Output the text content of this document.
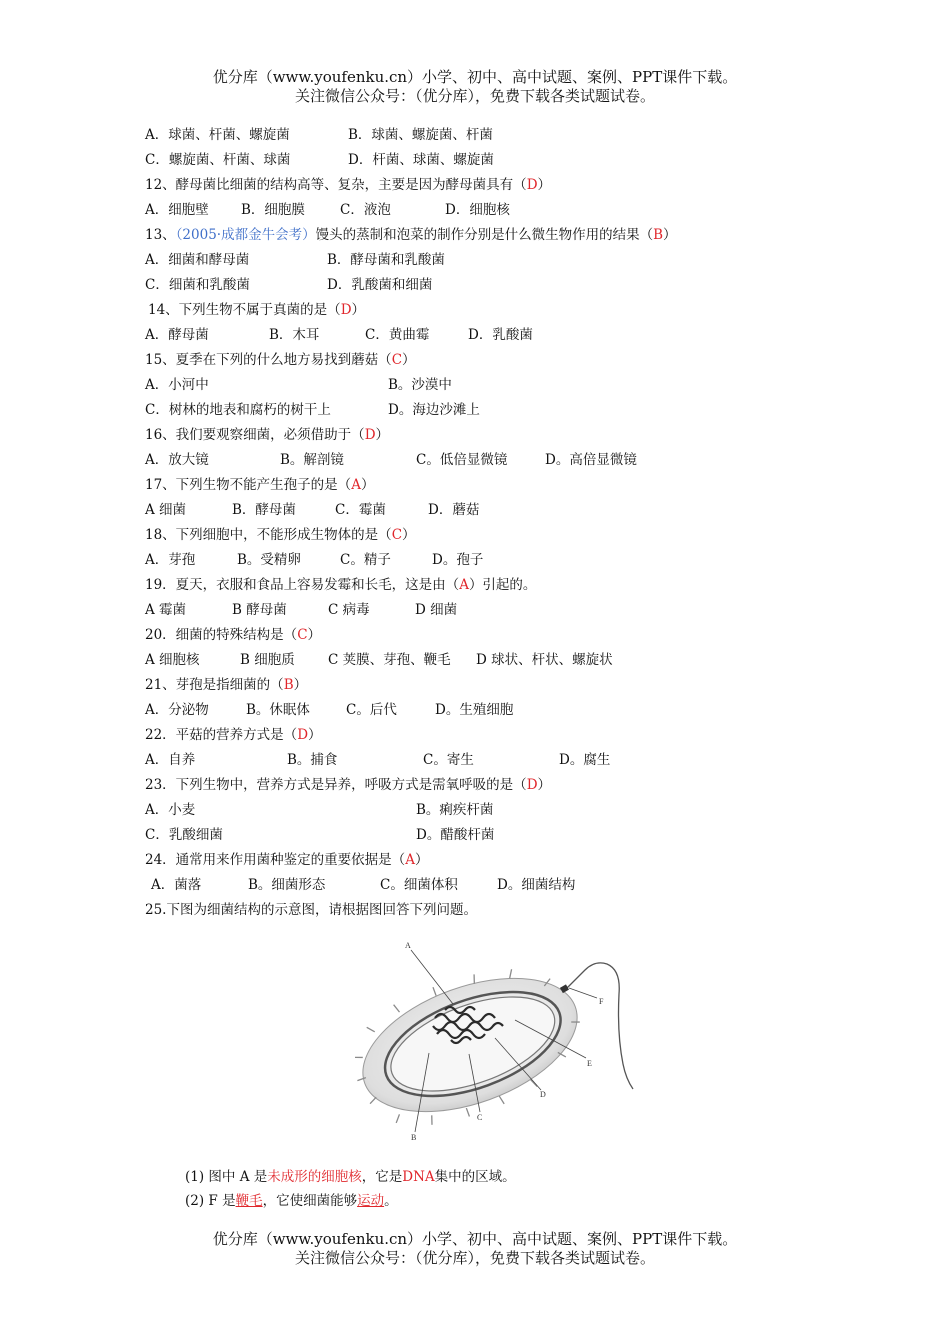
优分库（www.youfenku.cn）小学、初中、高中试题、案例、PPT课件下载。
关注微信公众号：（优分库），免费下载各类试题试卷。
A．球菌、杆菌、螺旋菌	B．球菌、螺旋菌、杆菌
C．螺旋菌、杆菌、球菌	D．杆菌、球菌、螺旋菌
12、酵母菌比细菌的结构高等、复杂，主要是因为酵母菌具有（D）
A．细胞壁 B．细胞膜	C．液泡	D．细胞核
13、（2005·成都金牛会考）馒头的蒸制和泡菜的制作分别是什么微生物作用的结果（B）
A．细菌和酵母菌	B．酵母菌和乳酸菌
C．细菌和乳酸菌	D．乳酸菌和细菌
14、下列生物不属于真菌的是（D）
A．酵母菌	B．木耳	C．黄曲霉	D．乳酸菌
15、夏季在下列的什么地方易找到蘑菇（C）
A．小河中	B。沙漠中
C．树林的地表和腐朽的树干上	D。海边沙滩上
16、我们要观察细菌，必须借助于（D）
A．放大镜	B。解剖镜	C。低倍显微镜	D。高倍显微镜
17、下列生物不能产生孢子的是（A）
A 细菌	B．酵母菌	C．霉菌	D．蘑菇
18、下列细胞中，不能形成生物体的是（C）
A．芽孢	B。受精卵	C。精子	D。孢子
19．夏天，衣服和食品上容易发霉和长毛，这是由（A）引起的。
A 霉菌	B 酵母菌	C 病毒	D 细菌
20．细菌的特殊结构是（C）
A 细胞核	B 细胞质 C 荚膜、芽孢、鞭毛 D 球状、杆状、螺旋状
21、芽孢是指细菌的（B）
A．分泌物	B。休眠体	C。后代	D。生殖细胞
22．平菇的营养方式是（D）
A．自养	B。捕食	C。寄生	D。腐生
23．下列生物中，营养方式是异养，呼吸方式是需氧呼吸的是（D）
A．小麦	B。痢疾杆菌
C．乳酸细菌	D。醋酸杆菌
24．通常用来作用菌种鉴定的重要依据是（A）
A．菌落	B。细菌形态	C。细菌体积	D。细菌结构
25.下图为细菌结构的示意图，请根据图回答下列问题。
A
B
C
D
E
F
(1) 图中 A 是未成形的细胞核，它是DNA集中的区域。
(2) F 是鞭毛，它使细菌能够运动。
优分库（www.youfenku.cn）小学、初中、高中试题、案例、PPT课件下载。
关注微信公众号：（优分库），免费下载各类试题试卷。
